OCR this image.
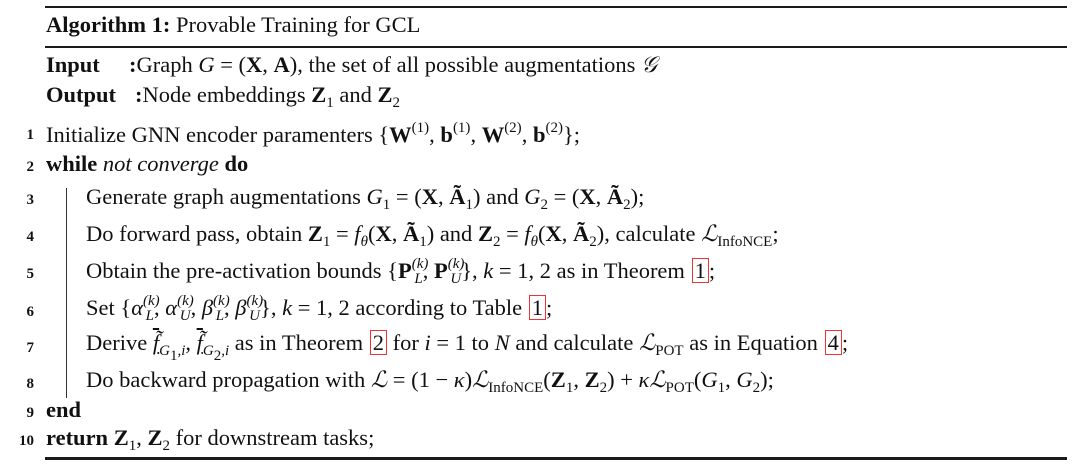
Algorithm 1: Provable Training for GCL
Input :Graph G = (X, A), the set of all possible augmentations 𝒢
Output :Node embeddings $Z_1$ and $Z_2$
1 Initialize GNN encoder paramenters {$W^{(1)}$, $b^{(1)}$, $W^{(2)}$, $b^{(2)}$};
2 while not converge do
3 Generate graph augmentations $G_1 = (X$, $Ã_1$) and $G_2 = (X$, $Ã_2$);
4 Do forward pass, obtain $Z_1 = f_\theta(X$, $Ã_1$) and $Z_2 = f_\theta(X$, $Ã_2$), calculate ℒ$_{InfoNCE}$;
5 Obtain the pre-activation bounds {$P^{(k)}_L$, $P^{(k)}_U$}, k = 1, 2 as in Theorem 1 ;
6 Set {$\alpha^{(k)}_L$, $\alpha^{(k)}_U$, $\beta^{(k)}_L$, $\beta^{(k)}_U$}, k = 1, 2 according to Table 1 ;
7 Derive $f̃_{G_1,i}$, $f̃_{G_2,i}$ as in Theorem 2 for i = 1 to N and calculate ℒ$_{POT}$ as in Equation 4 ;
8 Do backward propagation with ℒ = $(1 - \kappa)ℒ_{InfoNCE}(Z_1$, $Z_2$) + $\kappa ℒ_{POT}(G_1$, $G_2$);
9 end
10 return $Z_1$, $Z_2$ for downstream tasks;
